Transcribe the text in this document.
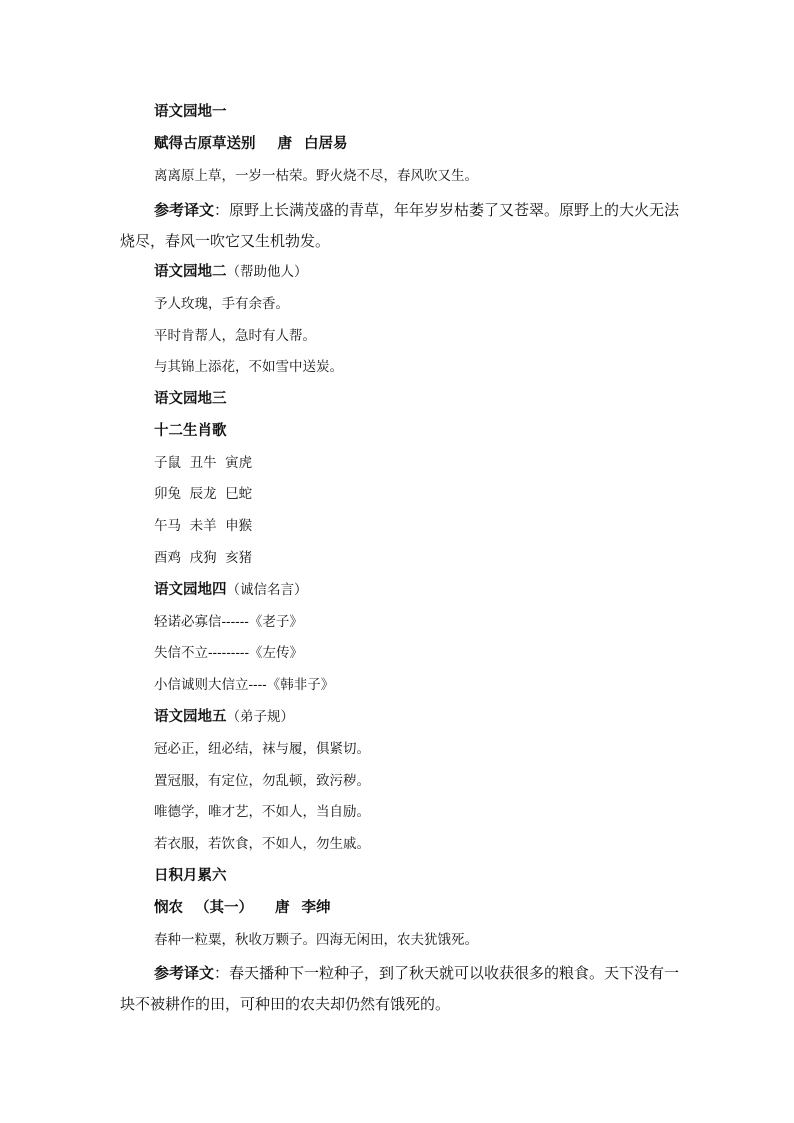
语文园地一
赋得古原草送别 唐 白居易
离离原上草，一岁一枯荣。野火烧不尽，春风吹又生。
参考译文：原野上长满茂盛的青草，年年岁岁枯萎了又苍翠。原野上的大火无法烧尽，春风一吹它又生机勃发。
语文园地二（帮助他人）
予人玫瑰，手有余香。
平时肯帮人，急时有人帮。
与其锦上添花，不如雪中送炭。
语文园地三
十二生肖歌
子鼠  丑牛  寅虎
卯兔  辰龙  巳蛇
午马  未羊  申猴
酉鸡  戌狗  亥猪
语文园地四（诚信名言）
轻诺必寡信------《老子》
失信不立---------《左传》
小信诚则大信立----《韩非子》
语文园地五（弟子规）
冠必正，纽必结，袜与履，俱紧切。
置冠服，有定位，勿乱顿，致污秽。
唯德学，唯才艺，不如人，当自励。
若衣服，若饮食，不如人，勿生戚。
日积月累六
悯农 （其一） 唐 李绅
春种一粒粟，秋收万颗子。四海无闲田，农夫犹饿死。
参考译文：春天播种下一粒种子，到了秋天就可以收获很多的粮食。天下没有一块不被耕作的田，可种田的农夫却仍然有饿死的。
